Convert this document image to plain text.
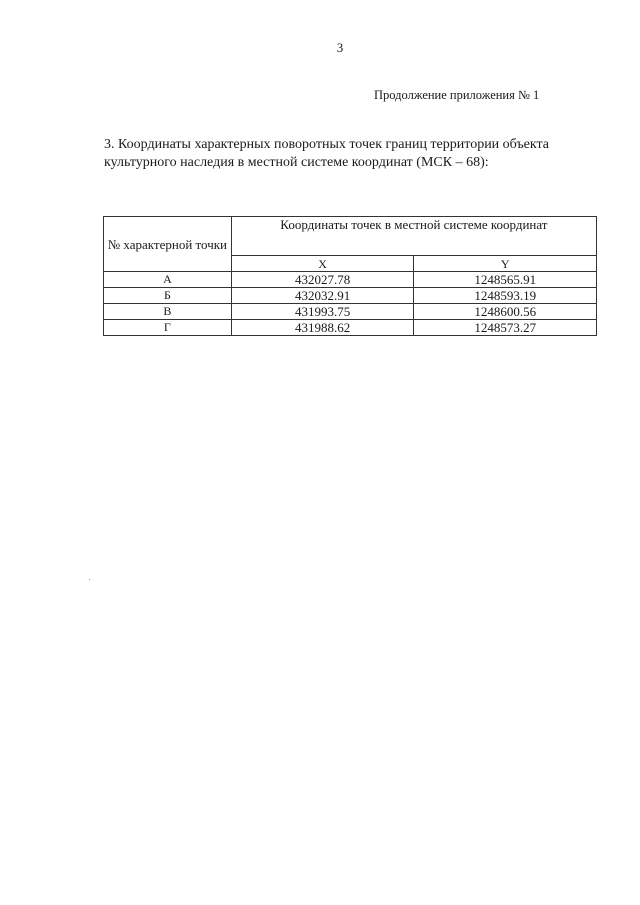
3
Продолжение приложения № 1
3. Координаты характерных поворотных точек границ территории объекта
культурного наследия в местной системе координат (МСК – 68):
№ характерной точки	Координаты точек в местной системе координат	
	X	Y
А	432027.78	1248565.91
Б	432032.91	1248593.19
В	431993.75	1248600.56
Г	431988.62	1248573.27
